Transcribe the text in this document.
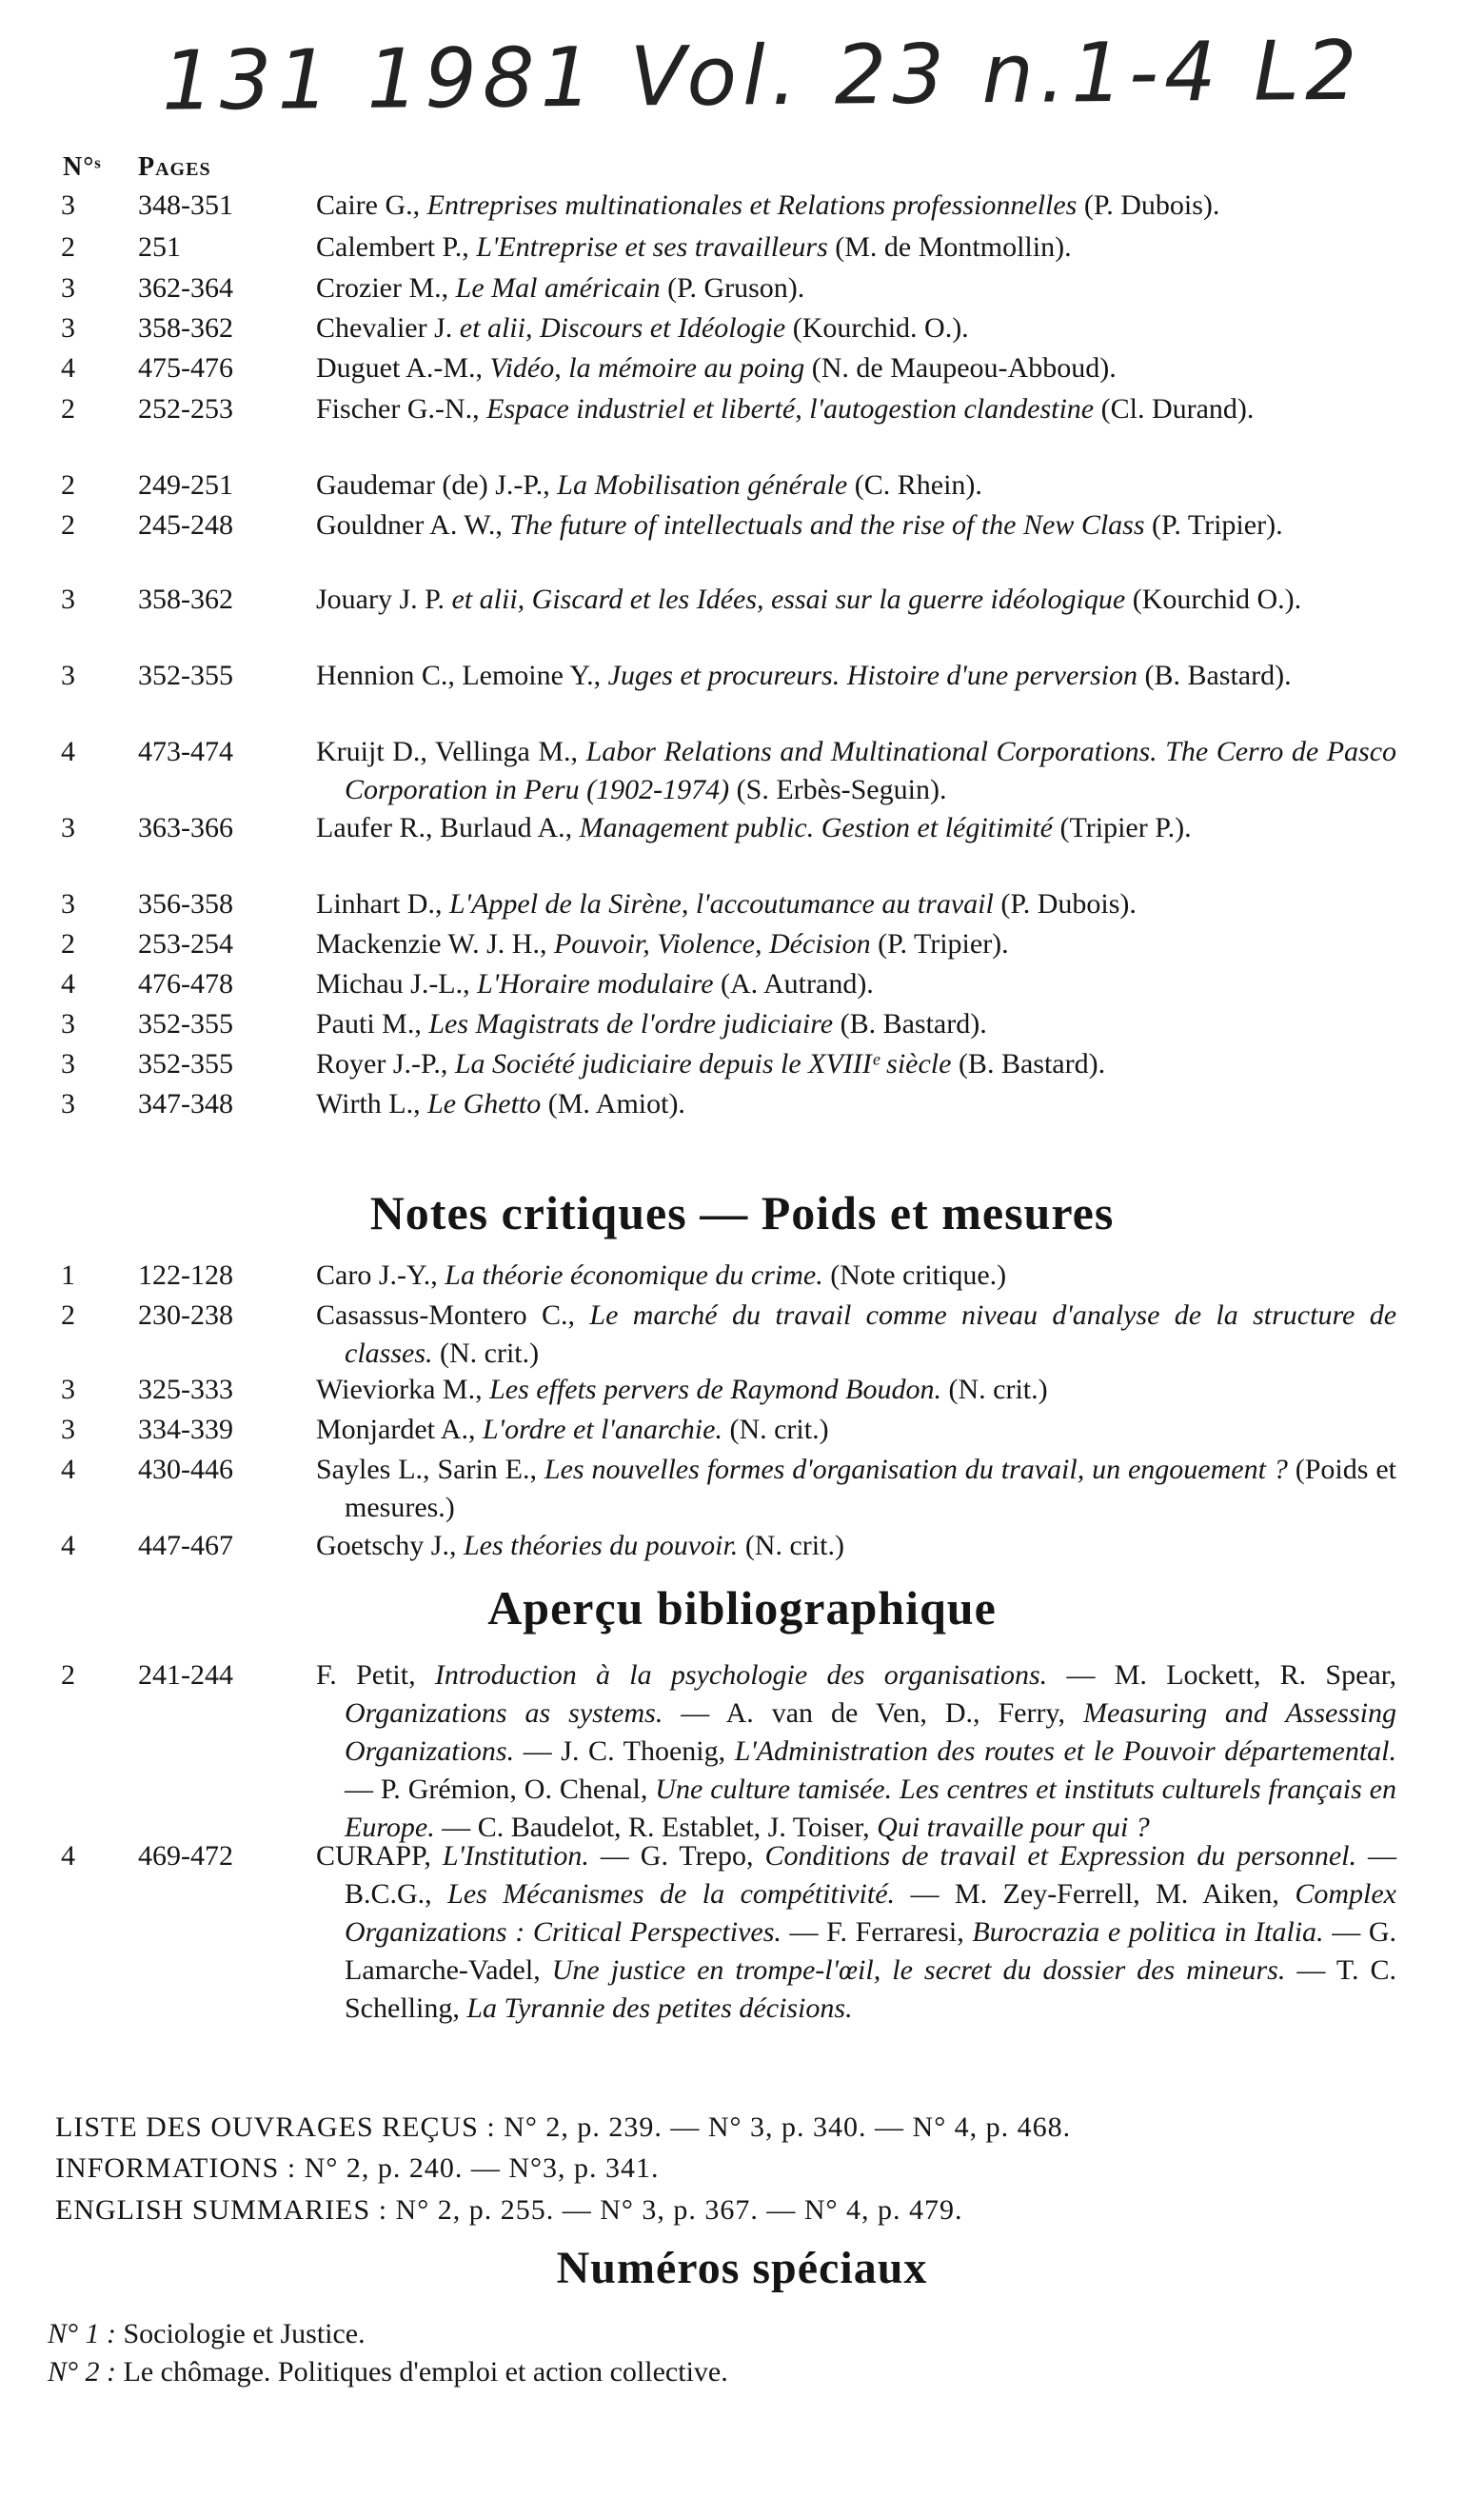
131 1981 Vol. 23 n.1-4 L2
N°ˢ Pages
3 348-351	Caire G., Entreprises multinationales et Relations professionnelles (P. Dubois).
2 251	Calembert P., L'Entreprise et ses travailleurs (M. de Montmollin).
3 362-364	Crozier M., Le Mal américain (P. Gruson).
3 358-362	Chevalier J. et alii, Discours et Idéologie (Kourchid. O.).
4 475-476	Duguet A.-M., Vidéo, la mémoire au poing (N. de Maupeou-Abboud).
2 252-253	Fischer G.-N., Espace industriel et liberté, l'autogestion clandestine (Cl. Durand).
2 249-251	Gaudemar (de) J.-P., La Mobilisation générale (C. Rhein).
2 245-248	Gouldner A. W., The future of intellectuals and the rise of the New Class (P. Tripier).
3 358-362	Jouary J. P. et alii, Giscard et les Idées, essai sur la guerre idéologique (Kourchid O.).
3 352-355	Hennion C., Lemoine Y., Juges et procureurs. Histoire d'une perversion (B. Bastard).
4 473-474	Kruijt D., Vellinga M., Labor Relations and Multinational Corporations. The Cerro de Pasco Corporation in Peru (1902-1974) (S. Erbès-Seguin).
3 363-366	Laufer R., Burlaud A., Management public. Gestion et légitimité (Tripier P.).
3 356-358	Linhart D., L'Appel de la Sirène, l'accoutumance au travail (P. Dubois).
2 253-254	Mackenzie W. J. H., Pouvoir, Violence, Décision (P. Tripier).
4 476-478	Michau J.-L., L'Horaire modulaire (A. Autrand).
3 352-355	Pauti M., Les Magistrats de l'ordre judiciaire (B. Bastard).
3 352-355	Royer J.-P., La Société judiciaire depuis le XVIIIᵉ siècle (B. Bastard).
3 347-348	Wirth L., Le Ghetto (M. Amiot).
Notes critiques — Poids et mesures
1 122-128	Caro J.-Y., La théorie économique du crime. (Note critique.)
2 230-238	Casassus-Montero C., Le marché du travail comme niveau d'analyse de la structure de classes. (N. crit.)
3 325-333	Wieviorka M., Les effets pervers de Raymond Boudon. (N. crit.)
3 334-339	Monjardet A., L'ordre et l'anarchie. (N. crit.)
4 430-446	Sayles L., Sarin E., Les nouvelles formes d'organisation du travail, un engouement ? (Poids et mesures.)
4 447-467	Goetschy J., Les théories du pouvoir. (N. crit.)
Aperçu bibliographique
2 241-244	F. Petit, Introduction à la psychologie des organisations. — M. Lockett, R. Spear, Organizations as systems. — A. van de Ven, D., Ferry, Measuring and Assessing Organizations. — J. C. Thoenig, L'Administration des routes et le Pouvoir départemental. — P. Grémion, O. Chenal, Une culture tamisée. Les centres et instituts culturels français en Europe. — C. Baudelot, R. Establet, J. Toiser, Qui travaille pour qui ?
4 469-472	CURAPP, L'Institution. — G. Trepo, Conditions de travail et Expression du personnel. — B.C.G., Les Mécanismes de la compétitivité. — M. Zey-Ferrell, M. Aiken, Complex Organizations : Critical Perspectives. — F. Ferraresi, Burocrazia e politica in Italia. — G. Lamarche-Vadel, Une justice en trompe-l'œil, le secret du dossier des mineurs. — T. C. Schelling, La Tyrannie des petites décisions.
LISTE DES OUVRAGES REÇUS : N° 2, p. 239. — N° 3, p. 340. — N° 4, p. 468.
INFORMATIONS : N° 2, p. 240. — N°3, p. 341.
ENGLISH SUMMARIES : N° 2, p. 255. — N° 3, p. 367. — N° 4, p. 479.
Numéros spéciaux
N° 1 : Sociologie et Justice.
N° 2 : Le chômage. Politiques d'emploi et action collective.
